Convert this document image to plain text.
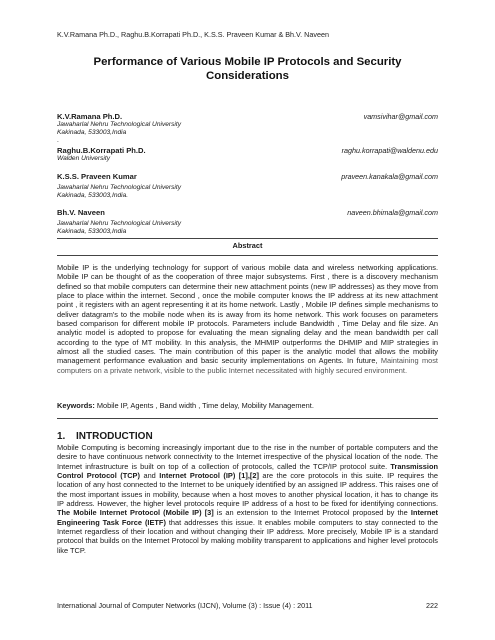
K.V.Ramana Ph.D., Raghu.B.Korrapati Ph.D., K.S.S. Praveen Kumar & Bh.V. Naveen
Performance of Various Mobile IP Protocols and Security
Considerations
K.V.Ramana Ph.D.	vamsivihar@gmail.com
Jawaharlal Nehru Technological University
Kakinada, 533003,India
.
Raghu.B.Korrapati Ph.D.	raghu.korrapati@waldenu.edu
Walden University
K.S.S. Praveen Kumar	praveen.kanakala@gmail.com
Jawaharlal Nehru Technological University
Kakinada, 533003,India.
Bh.V. Naveen	naveen.bhimala@gmail.com
Jawaharlal Nehru Technological University
Kakinada, 533003,India
Abstract
Mobile IP is the underlying technology for support of various mobile data and wireless networking applications. Mobile IP can be thought of as the cooperation of three major subsystems. First , there is a discovery mechanism defined so that mobile computers can determine their new attachment points (new IP addresses) as they move from place to place within the internet. Second , once the mobile computer knows the IP address at its new attachment point , it registers with an agent representing it at its home network. Lastly , Mobile IP defines simple mechanisms to deliver datagram's to the mobile node when its is away from its home network. This work focuses on parameters based comparison for different mobile IP protocols. Parameters include Bandwidth , Time Delay and file size. An analytic model is adopted to propose for evaluating the mean signaling delay and the mean bandwidth per call according to the type of MT mobility. In this analysis, the MHMIP outperforms the DHMIP and MIP strategies in almost all the studied cases. The main contribution of this paper is the analytic model that allows the mobility management performance evaluation and basic security implementations on Agents. In future, Maintaining most computers on a private network, visible to the public Internet necessitated with highly secured environment.
Keywords: Mobile IP, Agents , Band width , Time delay, Mobility Management.
1. INTRODUCTION
Mobile Computing is becoming increasingly important due to the rise in the number of portable computers and the desire to have continuous network connectivity to the Internet irrespective of the physical location of the node. The Internet infrastructure is built on top of a collection of protocols, called the TCP/IP protocol suite. Transmission Control Protocol (TCP) and Internet Protocol (IP) [1],[2] are the core protocols in this suite. IP requires the location of any host connected to the Internet to be uniquely identified by an assigned IP address. This raises one of the most important issues in mobility, because when a host moves to another physical location, it has to change its IP address. However, the higher level protocols require IP address of a host to be fixed for identifying connections. The Mobile Internet Protocol (Mobile IP) [3] is an extension to the Internet Protocol proposed by the Internet Engineering Task Force (IETF) that addresses this issue. It enables mobile computers to stay connected to the Internet regardless of their location and without changing their IP address. More precisely, Mobile IP is a standard protocol that builds on the Internet Protocol by making mobility transparent to applications and higher level protocols like TCP.
International Journal of Computer Networks (IJCN), Volume (3) : Issue (4) : 2011	222
